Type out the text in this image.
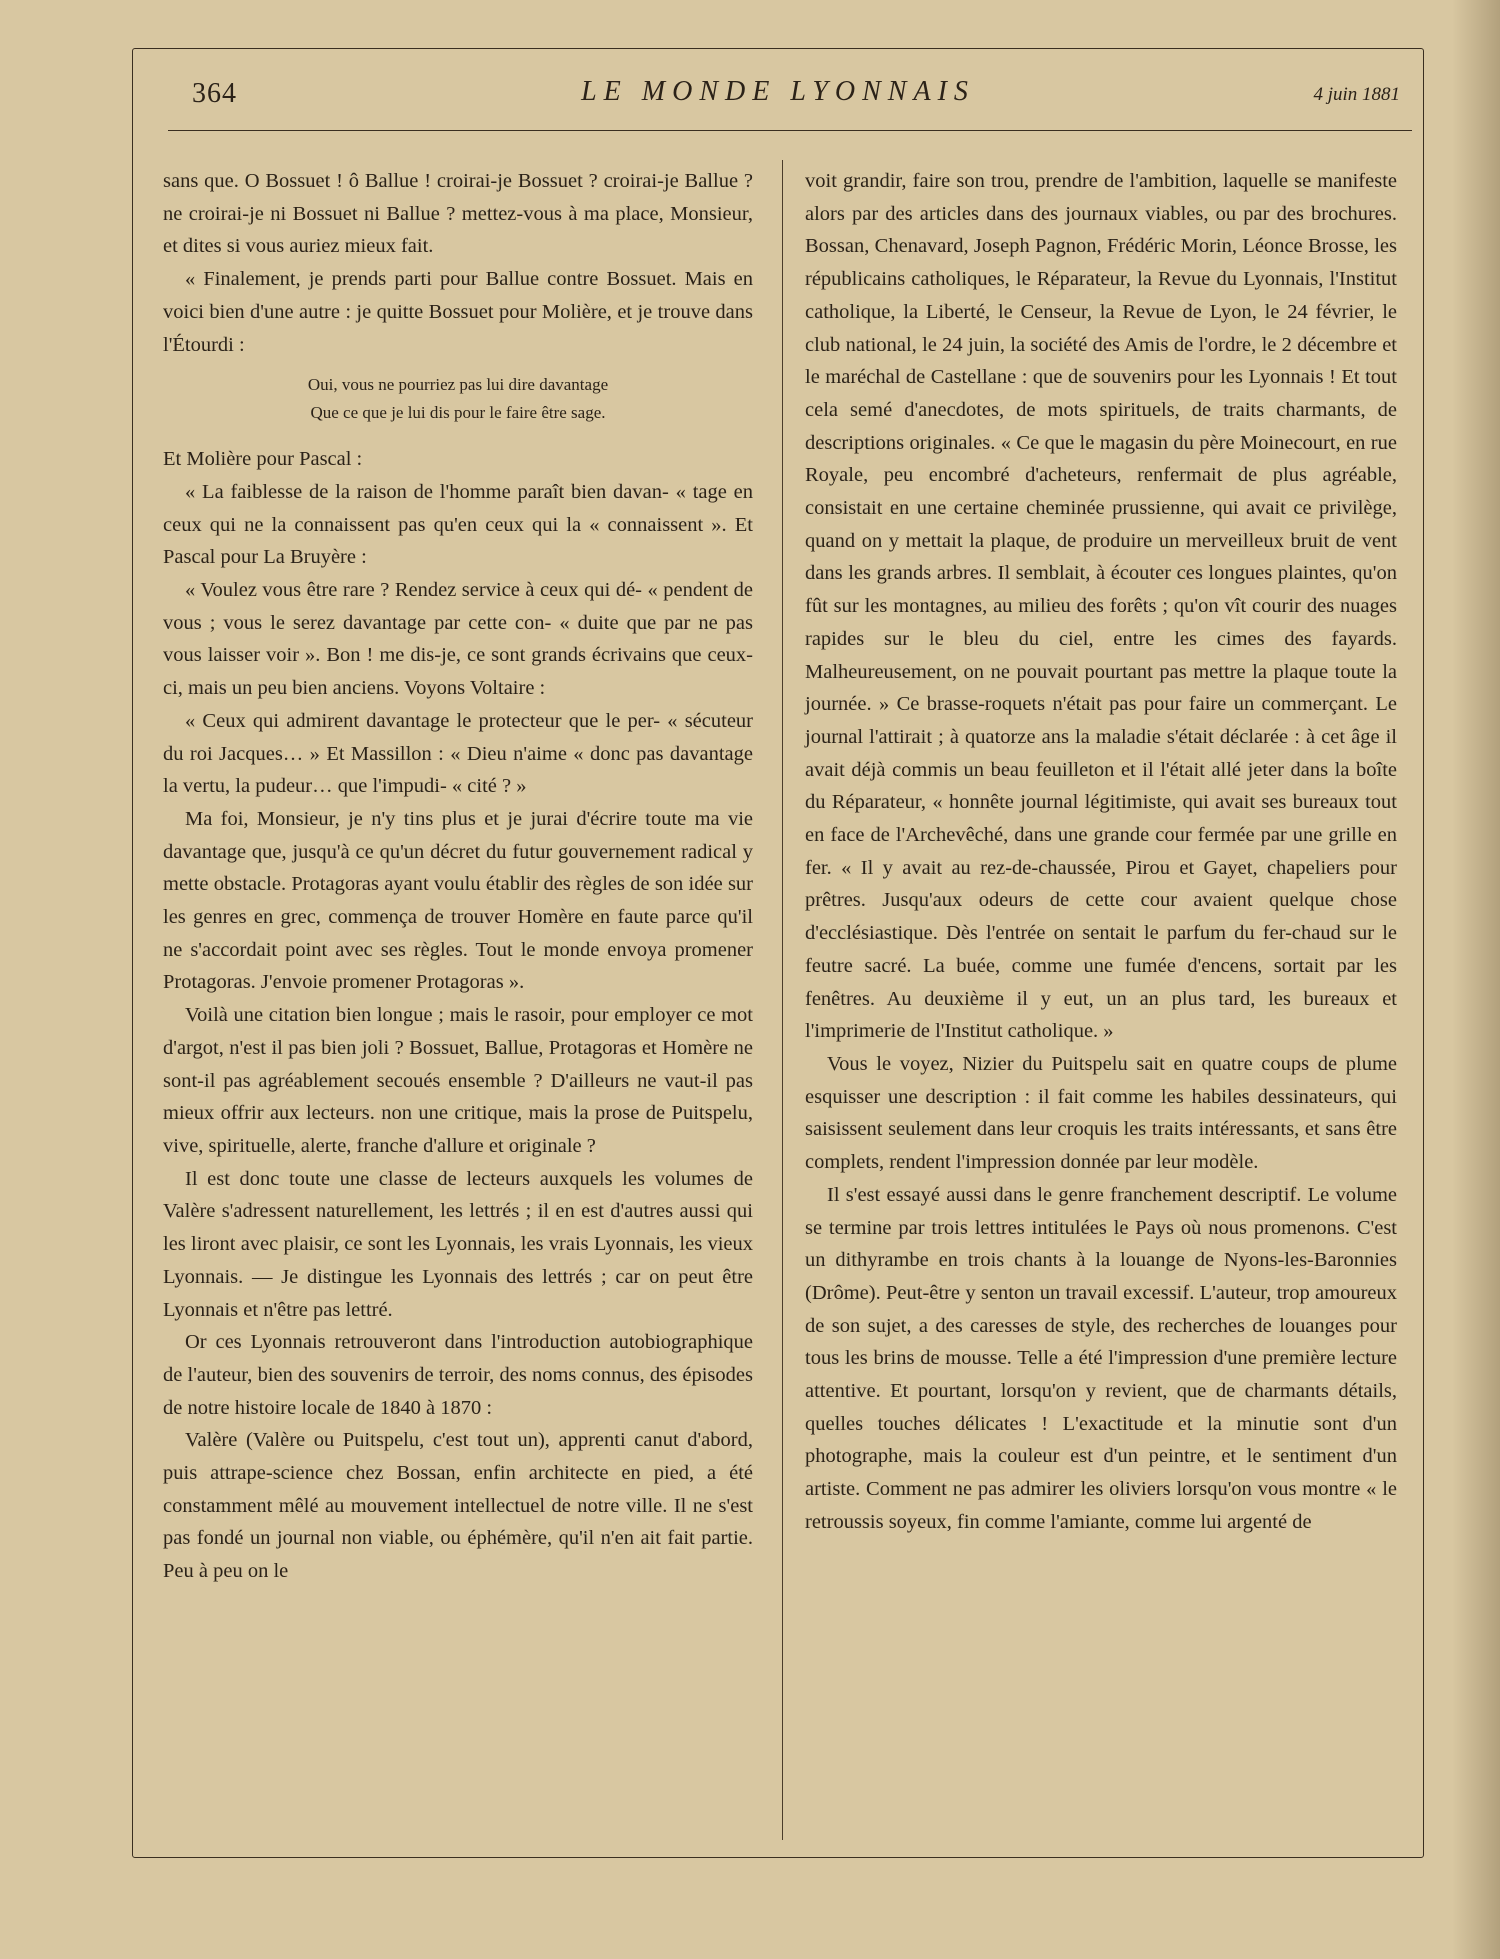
364	LE MONDE LYONNAIS	4 juin 1881

sans que. O Bossuet ! ô Ballue ! croirai-je Bossuet ? croirai-je Ballue ? ne croirai-je ni Bossuet ni Ballue ? mettez-vous à ma place, Monsieur, et dites si vous auriez mieux fait.

« Finalement, je prends parti pour Ballue contre Bossuet. Mais en voici bien d'une autre : je quitte Bossuet pour Molière, et je trouve dans l'Étourdi :

Oui, vous ne pourriez pas lui dire davantage

Que ce que je lui dis pour le faire être sage.

Et Molière pour Pascal :

« La faiblesse de la raison de l'homme paraît bien davan- « tage en ceux qui ne la connaissent pas qu'en ceux qui la « connaissent ». Et Pascal pour La Bruyère :

« Voulez vous être rare ? Rendez service à ceux qui dé- « pendent de vous ; vous le serez davantage par cette con- « duite que par ne pas vous laisser voir ». Bon ! me dis-je, ce sont grands écrivains que ceux-ci, mais un peu bien anciens. Voyons Voltaire :

« Ceux qui admirent davantage le protecteur que le per- « sécuteur du roi Jacques… » Et Massillon : « Dieu n'aime « donc pas davantage la vertu, la pudeur… que l'impudi- « cité ? »

Ma foi, Monsieur, je n'y tins plus et je jurai d'écrire toute ma vie davantage que, jusqu'à ce qu'un décret du futur gouvernement radical y mette obstacle. Protagoras ayant voulu établir des règles de son idée sur les genres en grec, commença de trouver Homère en faute parce qu'il ne s'accordait point avec ses règles. Tout le monde envoya promener Protagoras. J'envoie promener Protagoras ».

Voilà une citation bien longue ; mais le rasoir, pour employer ce mot d'argot, n'est il pas bien joli ? Bossuet, Ballue, Protagoras et Homère ne sont-il pas agréablement secoués ensemble ? D'ailleurs ne vaut-il pas mieux offrir aux lecteurs. non une critique, mais la prose de Puitspelu, vive, spirituelle, alerte, franche d'allure et originale ?

Il est donc toute une classe de lecteurs auxquels les volumes de Valère s'adressent naturellement, les lettrés ; il en est d'autres aussi qui les liront avec plaisir, ce sont les Lyonnais, les vrais Lyonnais, les vieux Lyonnais. — Je distingue les Lyonnais des lettrés ; car on peut être Lyonnais et n'être pas lettré.

Or ces Lyonnais retrouveront dans l'introduction autobiographique de l'auteur, bien des souvenirs de terroir, des noms connus, des épisodes de notre histoire locale de 1840 à 1870 :

Valère (Valère ou Puitspelu, c'est tout un), apprenti canut d'abord, puis attrape-science chez Bossan, enfin architecte en pied, a été constamment mêlé au mouvement intellectuel de notre ville. Il ne s'est pas fondé un journal non viable, ou éphémère, qu'il n'en ait fait partie. Peu à peu on le

voit grandir, faire son trou, prendre de l'ambition, laquelle se manifeste alors par des articles dans des journaux viables, ou par des brochures. Bossan, Chenavard, Joseph Pagnon, Frédéric Morin, Léonce Brosse, les républicains catholiques, le Réparateur, la Revue du Lyonnais, l'Institut catholique, la Liberté, le Censeur, la Revue de Lyon, le 24 février, le club national, le 24 juin, la société des Amis de l'ordre, le 2 décembre et le maréchal de Castellane : que de souvenirs pour les Lyonnais ! Et tout cela semé d'anecdotes, de mots spirituels, de traits charmants, de descriptions originales. « Ce que le magasin du père Moinecourt, en rue Royale, peu encombré d'acheteurs, renfermait de plus agréable, consistait en une certaine cheminée prussienne, qui avait ce privilège, quand on y mettait la plaque, de produire un merveilleux bruit de vent dans les grands arbres. Il semblait, à écouter ces longues plaintes, qu'on fût sur les montagnes, au milieu des forêts ; qu'on vît courir des nuages rapides sur le bleu du ciel, entre les cimes des fayards. Malheureusement, on ne pouvait pourtant pas mettre la plaque toute la journée. » Ce brasse-roquets n'était pas pour faire un commerçant. Le journal l'attirait ; à quatorze ans la maladie s'était déclarée : à cet âge il avait déjà commis un beau feuilleton et il l'était allé jeter dans la boîte du Réparateur, « honnête journal légitimiste, qui avait ses bureaux tout en face de l'Archevêché, dans une grande cour fermée par une grille en fer. « Il y avait au rez-de-chaussée, Pirou et Gayet, chapeliers pour prêtres. Jusqu'aux odeurs de cette cour avaient quelque chose d'ecclésiastique. Dès l'entrée on sentait le parfum du fer-chaud sur le feutre sacré. La buée, comme une fumée d'encens, sortait par les fenêtres. Au deuxième il y eut, un an plus tard, les bureaux et l'imprimerie de l'Institut catholique. »

Vous le voyez, Nizier du Puitspelu sait en quatre coups de plume esquisser une description : il fait comme les habiles dessinateurs, qui saisissent seulement dans leur croquis les traits intéressants, et sans être complets, rendent l'impression donnée par leur modèle.

Il s'est essayé aussi dans le genre franchement descriptif. Le volume se termine par trois lettres intitulées le Pays où nous promenons. C'est un dithyrambe en trois chants à la louange de Nyons-les-Baronnies (Drôme). Peut-être y senton un travail excessif. L'auteur, trop amoureux de son sujet, a des caresses de style, des recherches de louanges pour tous les brins de mousse. Telle a été l'impression d'une première lecture attentive. Et pourtant, lorsqu'on y revient, que de charmants détails, quelles touches délicates ! L'exactitude et la minutie sont d'un photographe, mais la couleur est d'un peintre, et le sentiment d'un artiste. Comment ne pas admirer les oliviers lorsqu'on vous montre « le retroussis soyeux, fin comme l'amiante, comme lui argenté de
